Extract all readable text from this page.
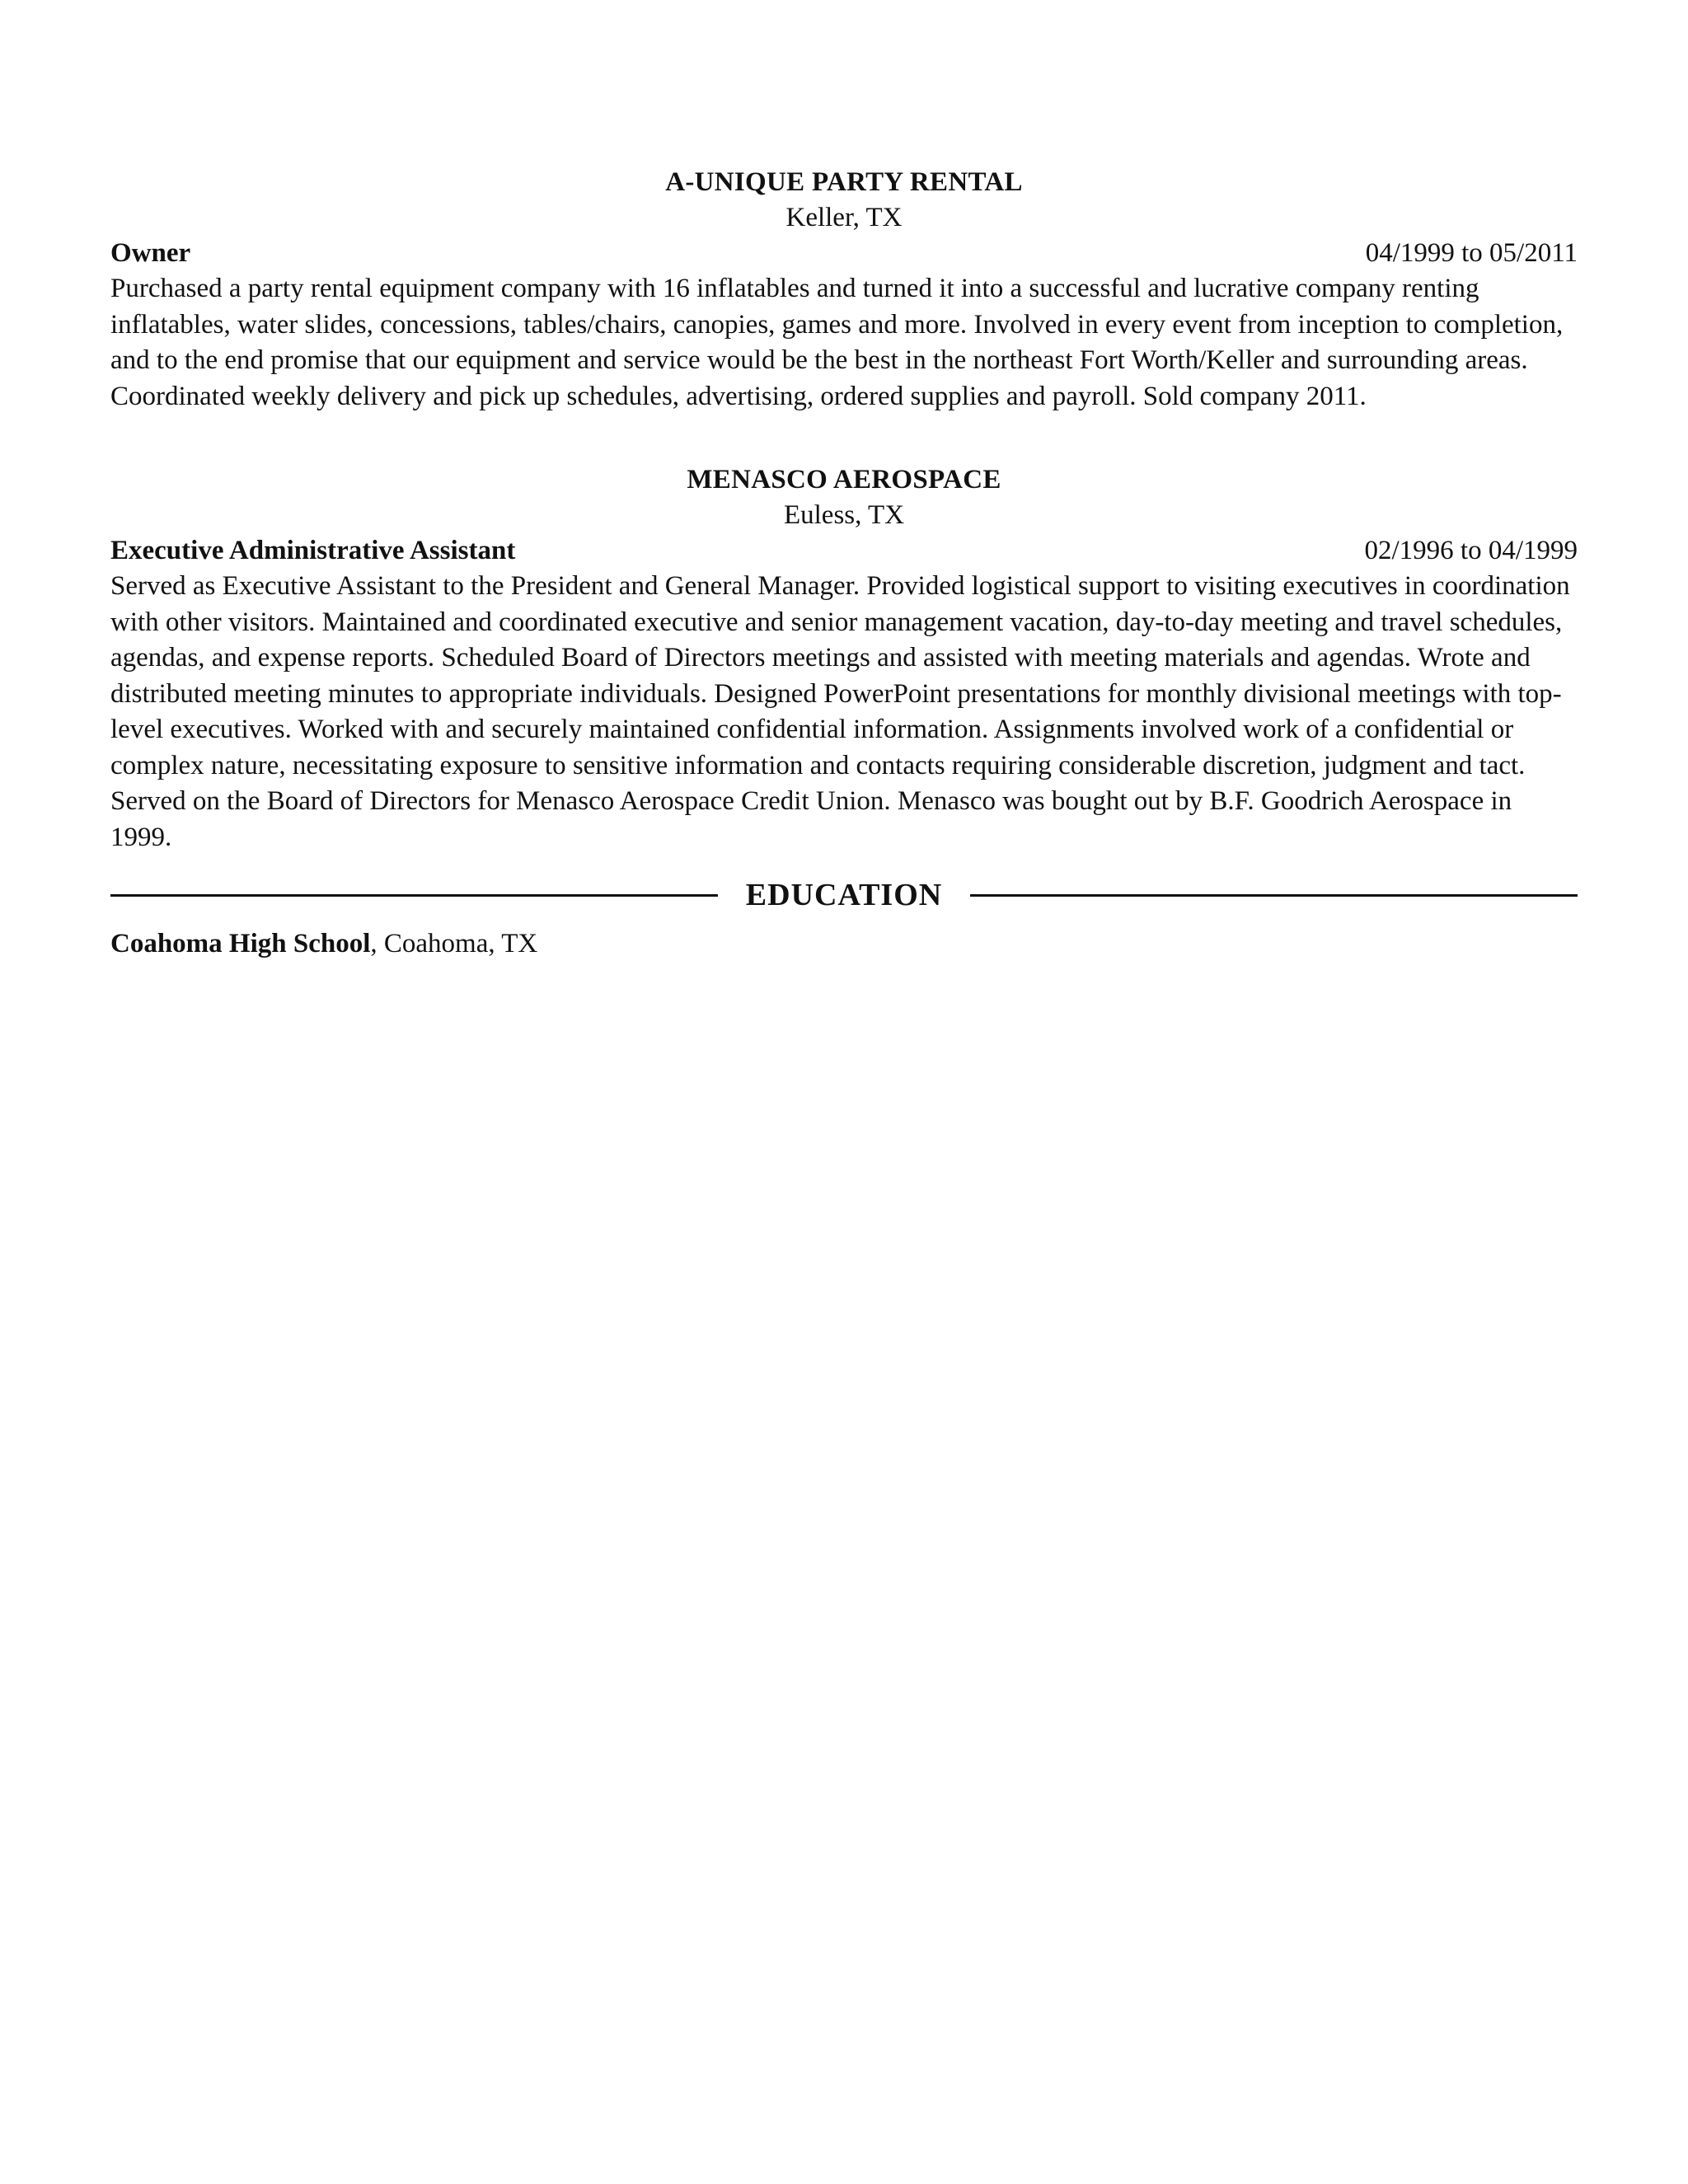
A-UNIQUE PARTY RENTAL
Keller, TX
Owner	04/1999 to 05/2011

Purchased a party rental equipment company with 16 inflatables and turned it into a successful and lucrative company renting inflatables, water slides, concessions, tables/chairs, canopies, games and more. Involved in every event from inception to completion, and to the end promise that our equipment and service would be the best in the northeast Fort Worth/Keller and surrounding areas. Coordinated weekly delivery and pick up schedules, advertising, ordered supplies and payroll. Sold company 2011.

MENASCO AEROSPACE
Euless, TX
Executive Administrative Assistant	02/1996 to 04/1999

Served as Executive Assistant to the President and General Manager. Provided logistical support to visiting executives in coordination with other visitors. Maintained and coordinated executive and senior management vacation, day-to-day meeting and travel schedules, agendas, and expense reports. Scheduled Board of Directors meetings and assisted with meeting materials and agendas. Wrote and distributed meeting minutes to appropriate individuals. Designed PowerPoint presentations for monthly divisional meetings with top-level executives. Worked with and securely maintained confidential information. Assignments involved work of a confidential or complex nature, necessitating exposure to sensitive information and contacts requiring considerable discretion, judgment and tact. Served on the Board of Directors for Menasco Aerospace Credit Union. Menasco was bought out by B.F. Goodrich Aerospace in 1999.

EDUCATION
Coahoma High School, Coahoma, TX
